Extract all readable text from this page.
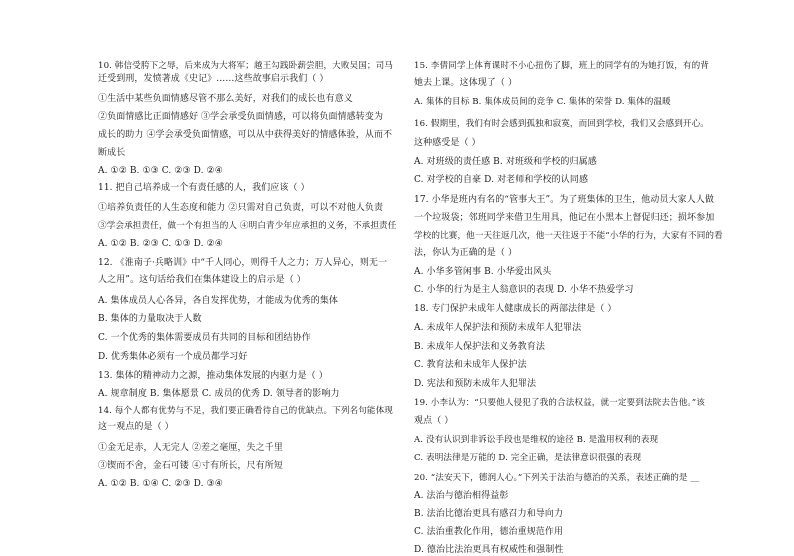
10. 韩信受胯下之辱，后来成为大将军；越王勾践卧薪尝胆，大败吴国；司马
迁受到刑，发愤著成《史记》……这些故事启示我们（ ）
①生活中某些负面情感尽管不那么美好，对我们的成长也有意义
②负面情感比正面情感好 ③学会承受负面情感，可以将负面情感转变为
成长的助力 ④学会承受负面情感，可以从中获得美好的情感体验，从而不
断成长
A. ①② B. ①③ C. ②③ D. ②④
11. 把自己培养成一个有责任感的人，我们应该（ ）
①培养负责任的人生态度和能力 ②只需对自己负责，可以不对他人负责
③学会承担责任，做一个有担当的人 ④明白青少年应承担的义务，不承担责任
A. ①② B. ②③ C. ①③ D. ②④
12. 《淮南子·兵略训》中“千人同心，则得千人之力；万人异心，则无一
人之用”。这句话给我们在集体建设上的启示是（ ）
A. 集体成员人心各异，各自发挥优势，才能成为优秀的集体
B. 集体的力量取决于人数
C. 一个优秀的集体需要成员有共同的目标和团结协作
D. 优秀集体必须有一个成员都学习好
13. 集体的精神动力之源，推动集体发展的内驱力是（ ）
A. 规章制度 B. 集体愿景 C. 成员的优秀 D. 领导者的影响力
14. 每个人都有优势与不足，我们要正确看待自己的优缺点。下列名句能体现
这一观点的是（ ）
①金无足赤，人无完人 ②差之毫厘，失之千里
③锲而不舍，金石可镂 ④寸有所长，尺有所短
A. ①② B. ①④ C. ②③ D. ③④
15. 李倩同学上体育课时不小心扭伤了脚，班上的同学有的为她打饭，有的背
她去上课。这体现了（ ）
A. 集体的目标 B. 集体成员间的竞争 C. 集体的荣誉 D. 集体的温暖
16. 假期里，我们有时会感到孤独和寂寞，而回到学校，我们又会感到开心。
这种感受是（ ）
A. 对班级的责任感 B. 对班级和学校的归属感
C. 对学校的自豪 D. 对老师和学校的认同感
17. 小华是班内有名的“管事大王”。为了班集体的卫生，他动员大家人人做
一个垃圾袋；邻班同学来借卫生用具，他记在小黑本上督促归还；损坏参加
学校的比赛，他一天往返几次，他一天往返于不能“小华的行为，大家有不同的看
法，你认为正确的是（ ）
A. 小华多管闲事 B. 小华爱出风头
C. 小华的行为是主人翁意识的表现 D. 小华不热爱学习
18. 专门保护未成年人健康成长的两部法律是（ ）
A. 未成年人保护法和预防未成年人犯罪法
B. 未成年人保护法和义务教育法
C. 教育法和未成年人保护法
D. 宪法和预防未成年人犯罪法
19. 小李认为：“只要他人侵犯了我的合法权益，就一定要到法院去告他。”该
观点（ ）
A. 没有认识到非诉讼手段也是维权的途径 B. 是滥用权利的表现
C. 表明法律是万能的 D. 完全正确，是法律意识很强的表现
20. “法安天下，德润人心。”下列关于法治与德治的关系，表述正确的是 __
A. 法治与德治相得益彰
B. 法治比德治更具有感召力和导向力
C. 法治重教化作用，德治重规范作用
D. 德治比法治更具有权威性和强制性
